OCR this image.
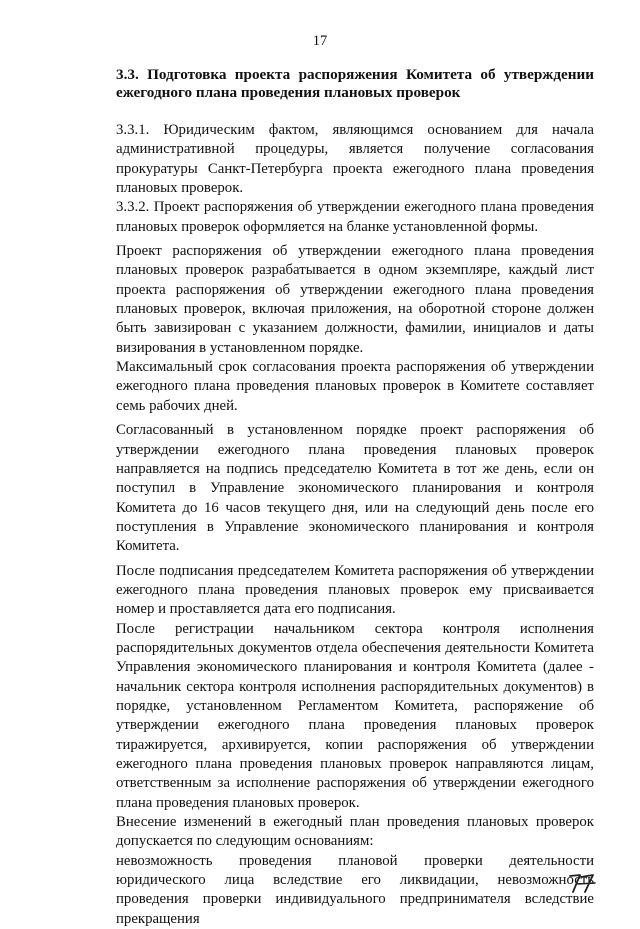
17
3.3. Подготовка проекта распоряжения Комитета об утверждении ежегодного плана проведения плановых проверок

3.3.1. Юридическим фактом, являющимся основанием для начала административной процедуры, является получение согласования прокуратуры Санкт-Петербурга проекта ежегодного плана проведения плановых проверок.

3.3.2. Проект распоряжения об утверждении ежегодного плана проведения плановых проверок оформляется на бланке установленной формы.

Проект распоряжения об утверждении ежегодного плана проведения плановых проверок разрабатывается в одном экземпляре, каждый лист проекта распоряжения об утверждении ежегодного плана проведения плановых проверок, включая приложения, на оборотной стороне должен быть завизирован с указанием должности, фамилии, инициалов и даты визирования в установленном порядке.

Максимальный срок согласования проекта распоряжения об утверждении ежегодного плана проведения плановых проверок в Комитете составляет семь рабочих дней.

Согласованный в установленном порядке проект распоряжения об утверждении ежегодного плана проведения плановых проверок направляется на подпись председателю Комитета в тот же день, если он поступил в Управление экономического планирования и контроля Комитета до 16 часов текущего дня, или на следующий день после его поступления в Управление экономического планирования и контроля Комитета.

После подписания председателем Комитета распоряжения об утверждении ежегодного плана проведения плановых проверок ему присваивается номер и проставляется дата его подписания.

После регистрации начальником сектора контроля исполнения распорядительных документов отдела обеспечения деятельности Комитета Управления экономического планирования и контроля Комитета (далее - начальник сектора контроля исполнения распорядительных документов) в порядке, установленном Регламентом Комитета, распоряжение об утверждении ежегодного плана проведения плановых проверок тиражируется, архивируется, копии распоряжения об утверждении ежегодного плана проведения плановых проверок направляются лицам, ответственным за исполнение распоряжения об утверждении ежегодного плана проведения плановых проверок.

Внесение изменений в ежегодный план проведения плановых проверок допускается по следующим основаниям:

невозможность проведения плановой проверки деятельности юридического лица вследствие его ликвидации, невозможность проведения проверки индивидуального предпринимателя вследствие прекращения
